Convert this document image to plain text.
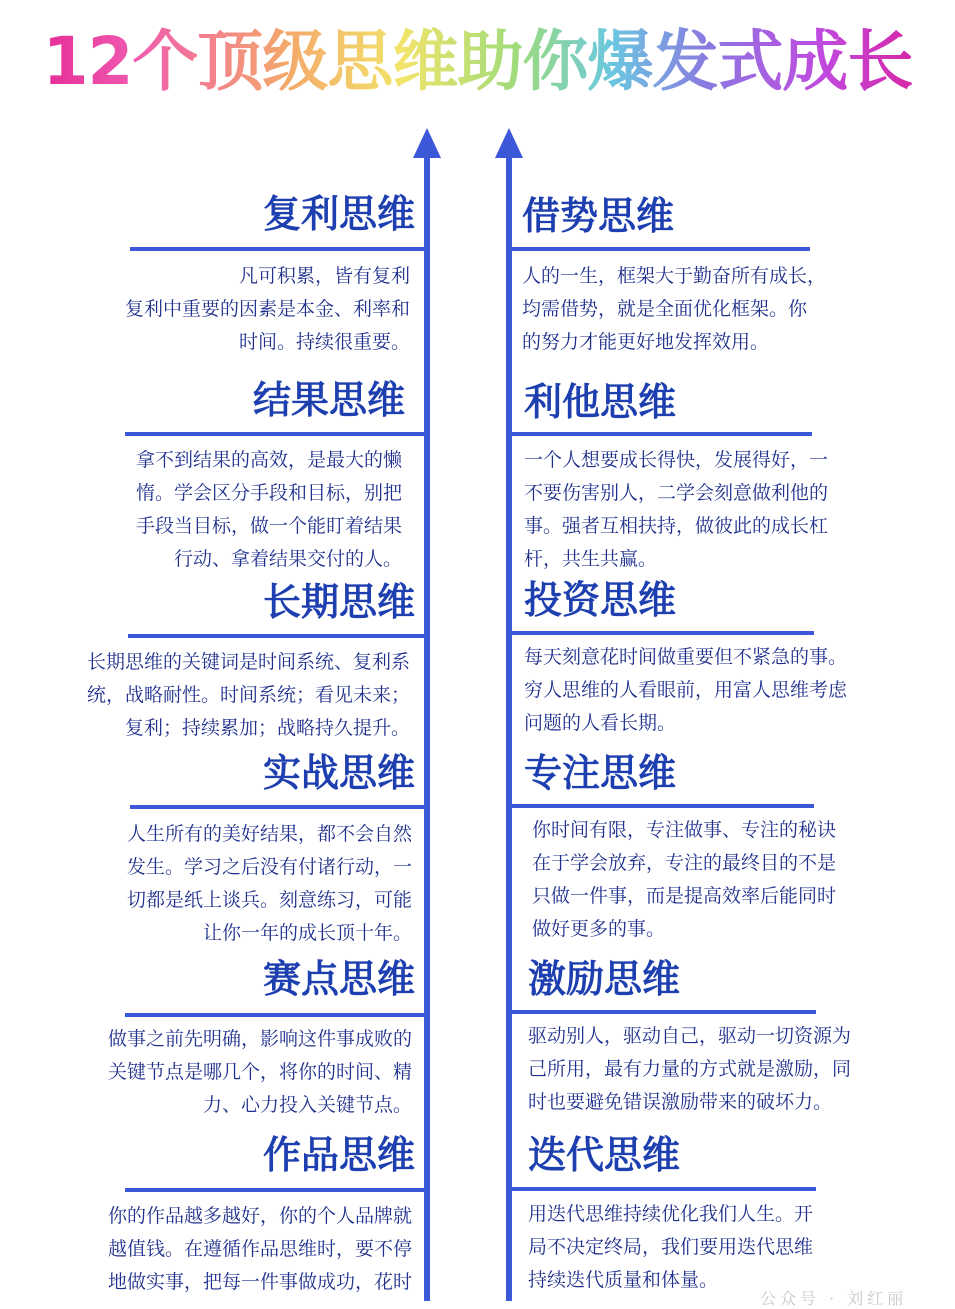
12个顶级思维助你爆发式成长
复利思维

凡可积累，皆有复利
复利中重要的因素是本金、利率和
时间。持续很重要。

结果思维

拿不到结果的高效，是最大的懒
惰。学会区分手段和目标，别把
手段当目标，做一个能盯着结果
行动、拿着结果交付的人。

长期思维

长期思维的关键词是时间系统、复利系
统，战略耐性。时间系统；看见未来；
复利；持续累加；战略持久提升。

实战思维

人生所有的美好结果，都不会自然
发生。学习之后没有付诸行动，一
切都是纸上谈兵。刻意练习，可能
让你一年的成长顶十年。

赛点思维

做事之前先明确，影响这件事成败的
关键节点是哪几个，将你的时间、精
力、心力投入关键节点。

作品思维

你的作品越多越好，你的个人品牌就
越值钱。在遵循作品思维时，要不停
地做实事，把每一件事做成功，花时

借势思维

人的一生，框架大于勤奋所有成长，
均需借势，就是全面优化框架。你
的努力才能更好地发挥效用。

利他思维

一个人想要成长得快，发展得好，一
不要伤害别人，二学会刻意做利他的
事。强者互相扶持，做彼此的成长杠
杆，共生共赢。

投资思维

每天刻意花时间做重要但不紧急的事。
穷人思维的人看眼前，用富人思维考虑
问题的人看长期。

专注思维

你时间有限，专注做事、专注的秘诀
在于学会放弃，专注的最终目的不是
只做一件事，而是提高效率后能同时
做好更多的事。

激励思维

驱动别人，驱动自己，驱动一切资源为
己所用，最有力量的方式就是激励，同
时也要避免错误激励带来的破坏力。

迭代思维

用迭代思维持续优化我们人生。开
局不决定终局，我们要用迭代思维
持续迭代质量和体量。

公众号 · 刘红丽
